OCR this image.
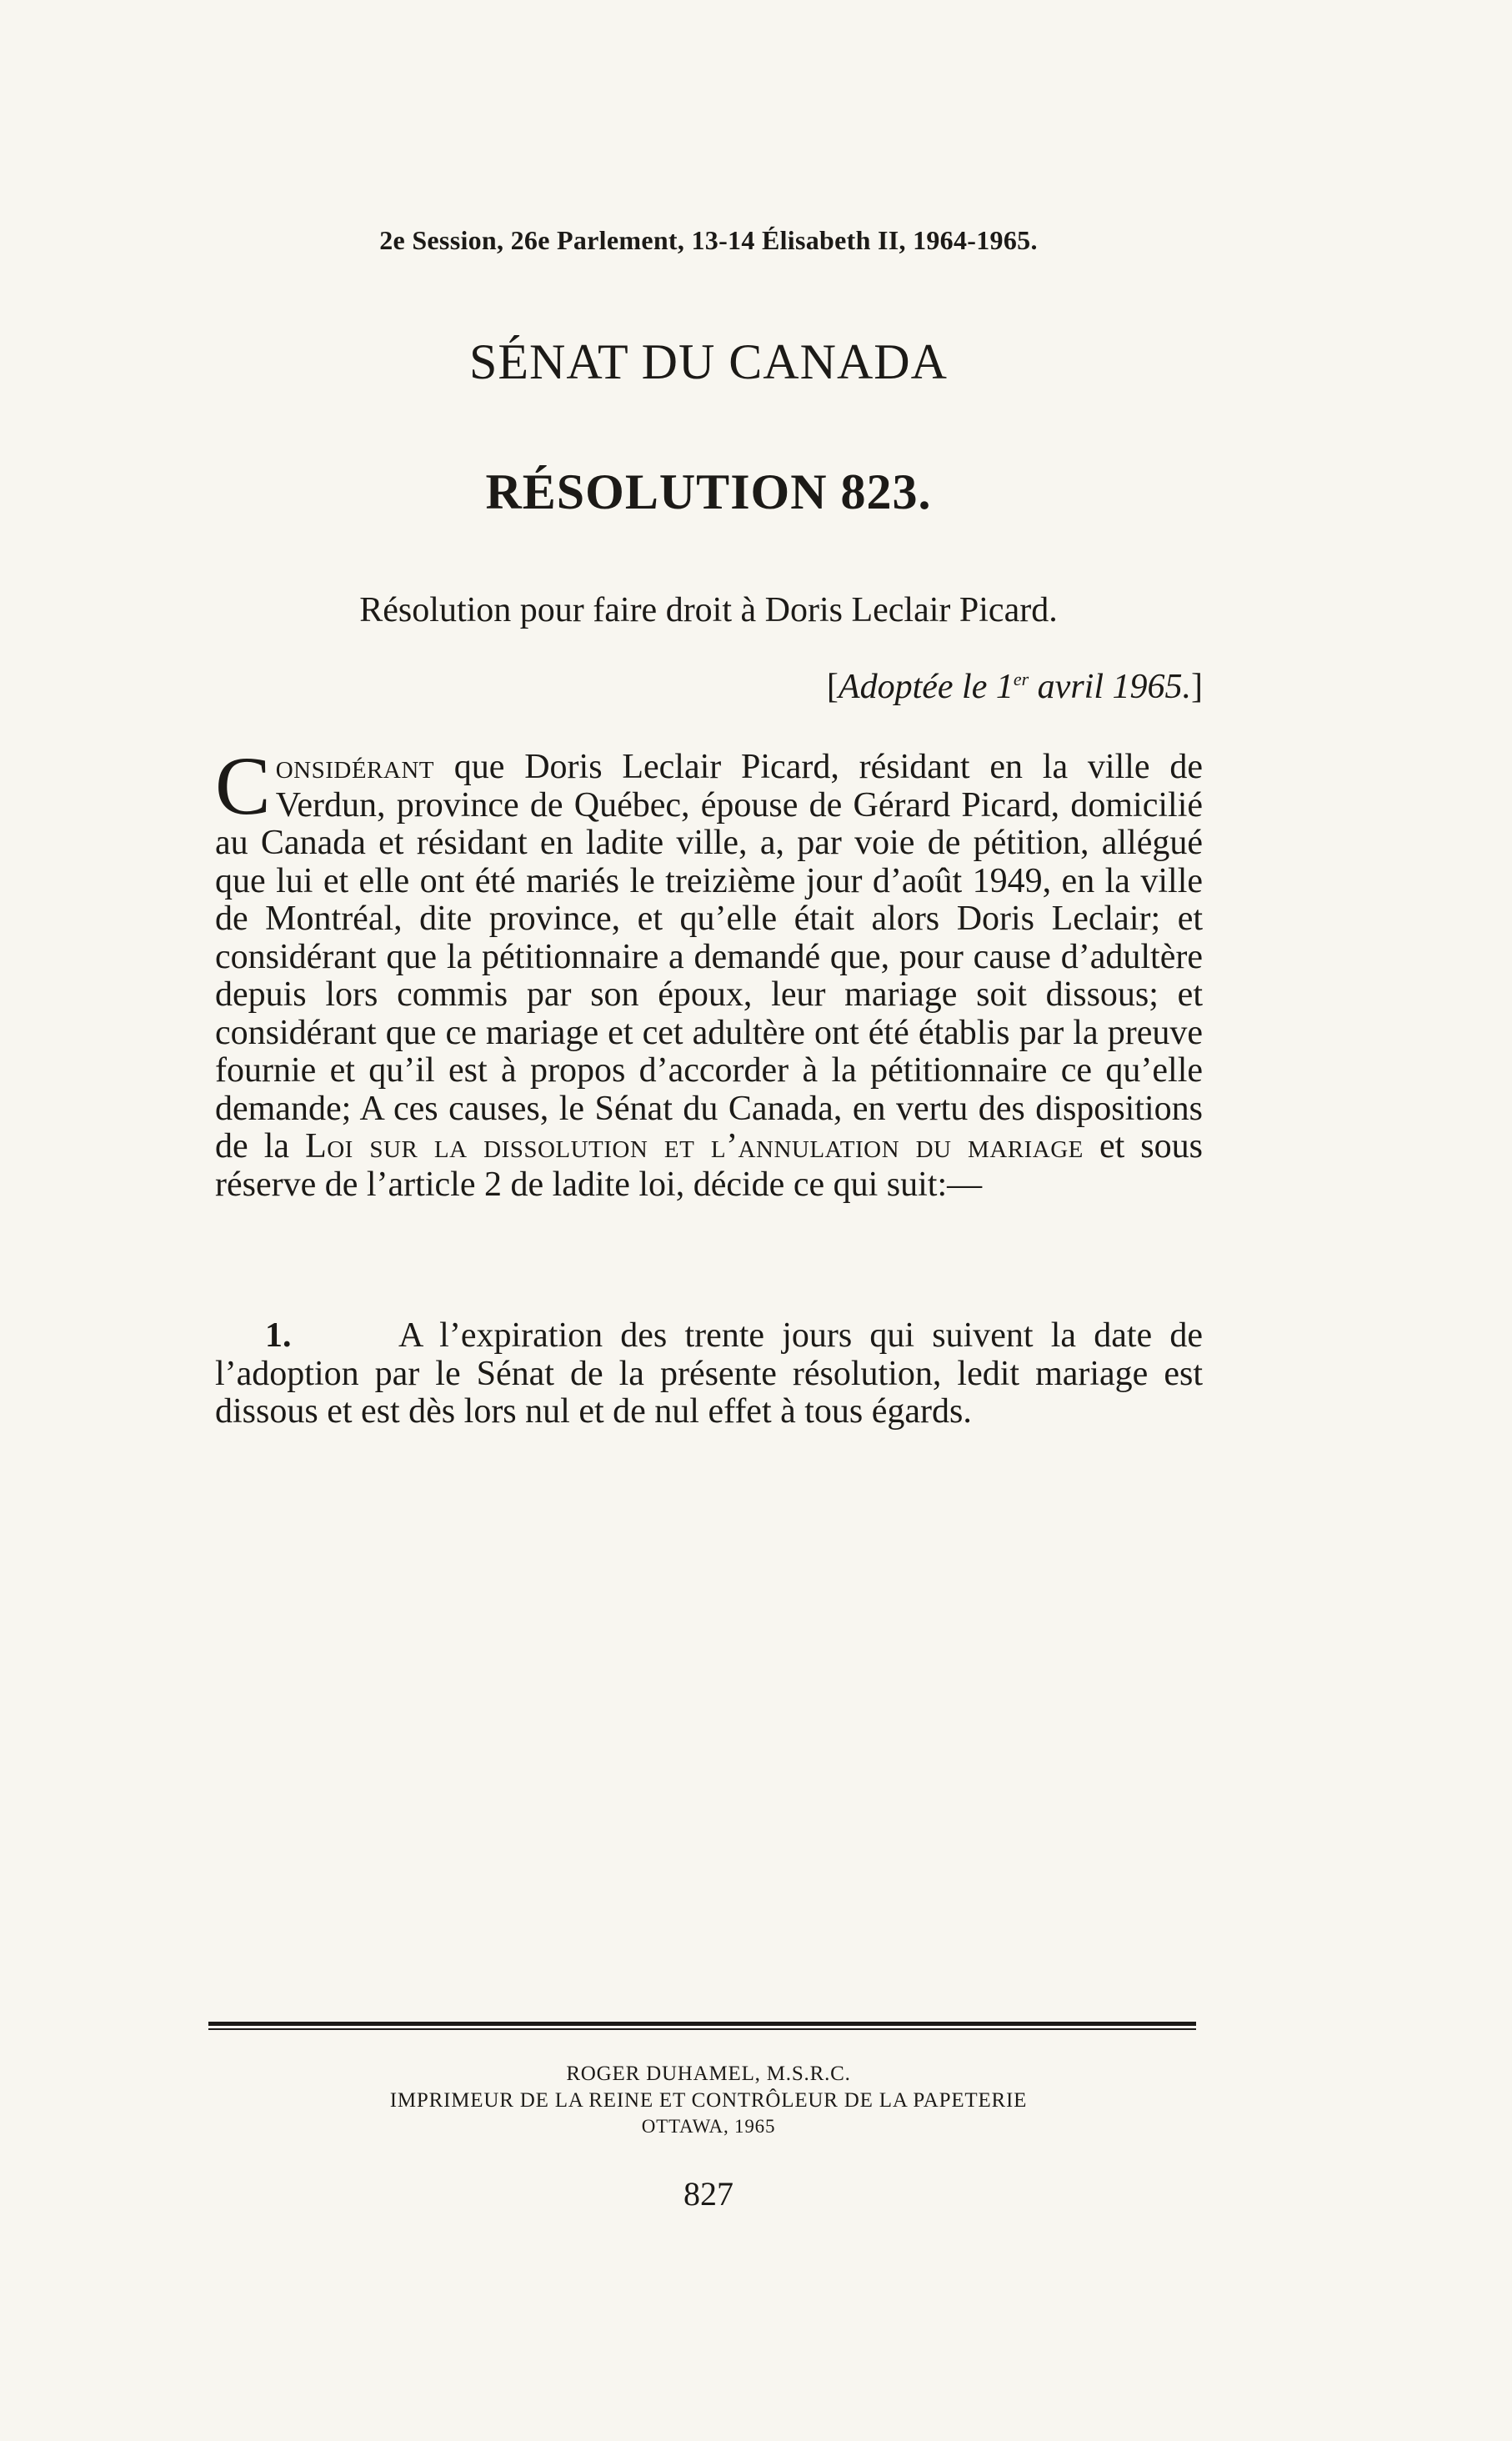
2e Session, 26e Parlement, 13-14 Élisabeth II, 1964-1965.
SÉNAT DU CANADA
RÉSOLUTION 823.
Résolution pour faire droit à Doris Leclair Picard.
[Adoptée le 1er avril 1965.]
Considérant que Doris Leclair Picard, résidant en la ville de Verdun, province de Québec, épouse de Gérard Picard, domicilié au Canada et résidant en ladite ville, a, par voie de pétition, allégué que lui et elle ont été mariés le treizième jour d’août 1949, en la ville de Montréal, dite province, et qu’elle était alors Doris Leclair; et considérant que la pétitionnaire a demandé que, pour cause d’adultère depuis lors commis par son époux, leur mariage soit dissous; et considérant que ce mariage et cet adultère ont été établis par la preuve fournie et qu’il est à propos d’accorder à la pétitionnaire ce qu’elle demande; A ces causes, le Sénat du Canada, en vertu des dispositions de la Loi sur la dissolution et l’annulation du mariage et sous réserve de l’article 2 de ladite loi, décide ce qui suit:—
1.	A l’expiration des trente jours qui suivent la date de l’adoption par le Sénat de la présente résolution, ledit mariage est dissous et est dès lors nul et de nul effet à tous égards.
ROGER DUHAMEL, M.S.R.C.
IMPRIMEUR DE LA REINE ET CONTRÔLEUR DE LA PAPETERIE
OTTAWA, 1965
827
